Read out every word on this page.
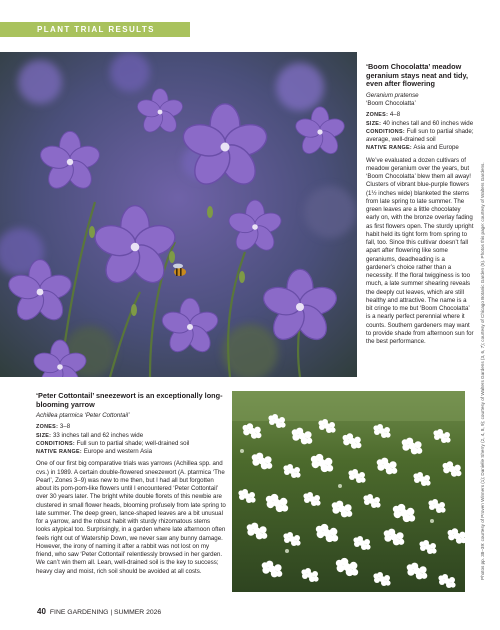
PLANT TRIAL RESULTS
‘Boom Chocolatta’ meadow geranium stays neat and tidy, even after flowering
Geranium pratense
‘Boom Chocolatta’
ZONES: 4–8
SIZE: 40 inches tall and 60 inches wide
CONDITIONS: Full sun to partial shade; average, well-drained soil
NATIVE RANGE: Asia and Europe

We’ve evaluated a dozen cultivars of meadow geranium over the years, but ‘Boom Chocolatta’ blew them all away! Clusters of vibrant blue-purple flowers (1½ inches wide) blanketed the stems from late spring to late summer. The green leaves are a little chocolatey early on, with the bronze overlay fading as first flowers open. The sturdy upright habit held its tight form from spring to fall, too. Since this cultivar doesn’t fall apart after flowering like some geraniums, deadheading is a gardener’s choice rather than a necessity. If the floral twigginess is too much, a late summer shearing reveals the deeply cut leaves, which are still healthy and attractive. The name is a bit cringe to me but ‘Boom Chocolatta’ is a nearly perfect perennial where it counts. Southern gardeners may want to provide shade from afternoon sun for the best performance.

‘Peter Cottontail’ sneezewort is an exceptionally long-blooming yarrow
Achillea ptarmica ‘Peter Cottontail’
ZONES: 3–8
SIZE: 33 inches tall and 62 inches wide
CONDITIONS: Full sun to partial shade; well-drained soil
NATIVE RANGE: Europe and western Asia

One of our first big comparative trials was yarrows (Achillea spp. and cvs.) in 1989. A certain double-flowered sneezewort (A. ptarmica ‘The Pearl’, Zones 3–9) was new to me then, but I had all but forgotten about its pom-pom-like flowers until I encountered ‘Peter Cottontail’ over 30 years later. The bright white double florets of this newbie are clustered in small flower heads, blooming profusely from late spring to late summer. The deep green, lance-shaped leaves are a bit unusual for a yarrow, and the robust habit with sturdy rhizomatous stems looks atypical too. Surprisingly, in a garden where late afternoon often feels right out of Watership Down, we never saw any bunny damage. However, the irony of naming it after a rabbit was not lost on my friend, who saw ‘Peter Cottontail’ relentlessly browsed in her garden. We can’t win them all. Lean, well-drained soil is the key to success; heavy clay and moist, rich soil should be avoided at all costs.	Photos pp. 38–39: courtesy of Proven Winners (1); Danielle Sherry (2, 4, 8, 9); courtesy of Walters Gardens (3, 6, 7); courtesy of Chicago Botanic Garden (5). Photos this page: courtesy of Walters Gardens.
40 FINE GARDENING | SUMMER 2026
